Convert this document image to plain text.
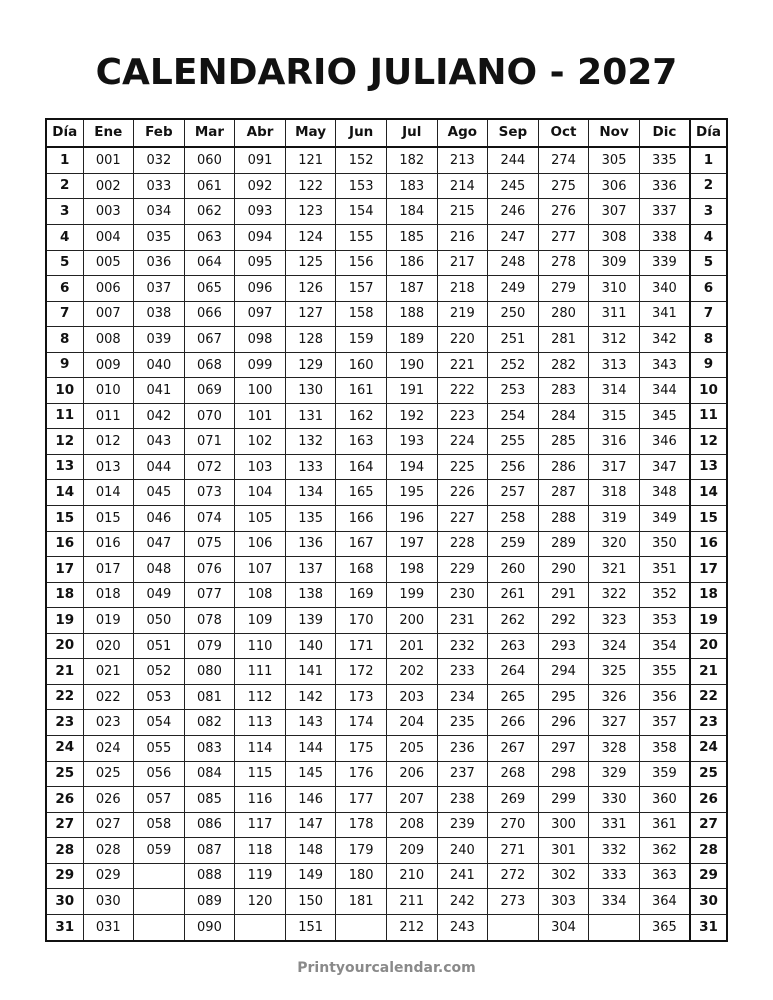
CALENDARIO JULIANO - 2027
Día	Ene	Feb	Mar	Abr	May	Jun	Jul	Ago	Sep	Oct	Nov	Dic	Día
1	001	032	060	091	121	152	182	213	244	274	305	335	1
2	002	033	061	092	122	153	183	214	245	275	306	336	2
3	003	034	062	093	123	154	184	215	246	276	307	337	3
4	004	035	063	094	124	155	185	216	247	277	308	338	4
5	005	036	064	095	125	156	186	217	248	278	309	339	5
6	006	037	065	096	126	157	187	218	249	279	310	340	6
7	007	038	066	097	127	158	188	219	250	280	311	341	7
8	008	039	067	098	128	159	189	220	251	281	312	342	8
9	009	040	068	099	129	160	190	221	252	282	313	343	9
10	010	041	069	100	130	161	191	222	253	283	314	344	10
11	011	042	070	101	131	162	192	223	254	284	315	345	11
12	012	043	071	102	132	163	193	224	255	285	316	346	12
13	013	044	072	103	133	164	194	225	256	286	317	347	13
14	014	045	073	104	134	165	195	226	257	287	318	348	14
15	015	046	074	105	135	166	196	227	258	288	319	349	15
16	016	047	075	106	136	167	197	228	259	289	320	350	16
17	017	048	076	107	137	168	198	229	260	290	321	351	17
18	018	049	077	108	138	169	199	230	261	291	322	352	18
19	019	050	078	109	139	170	200	231	262	292	323	353	19
20	020	051	079	110	140	171	201	232	263	293	324	354	20
21	021	052	080	111	141	172	202	233	264	294	325	355	21
22	022	053	081	112	142	173	203	234	265	295	326	356	22
23	023	054	082	113	143	174	204	235	266	296	327	357	23
24	024	055	083	114	144	175	205	236	267	297	328	358	24
25	025	056	084	115	145	176	206	237	268	298	329	359	25
26	026	057	085	116	146	177	207	238	269	299	330	360	26
27	027	058	086	117	147	178	208	239	270	300	331	361	27
28	028	059	087	118	148	179	209	240	271	301	332	362	28
29	029		088	119	149	180	210	241	272	302	333	363	29
30	030		089	120	150	181	211	242	273	303	334	364	30
31	031		090		151		212	243		304		365	31
Printyourcalendar.com
